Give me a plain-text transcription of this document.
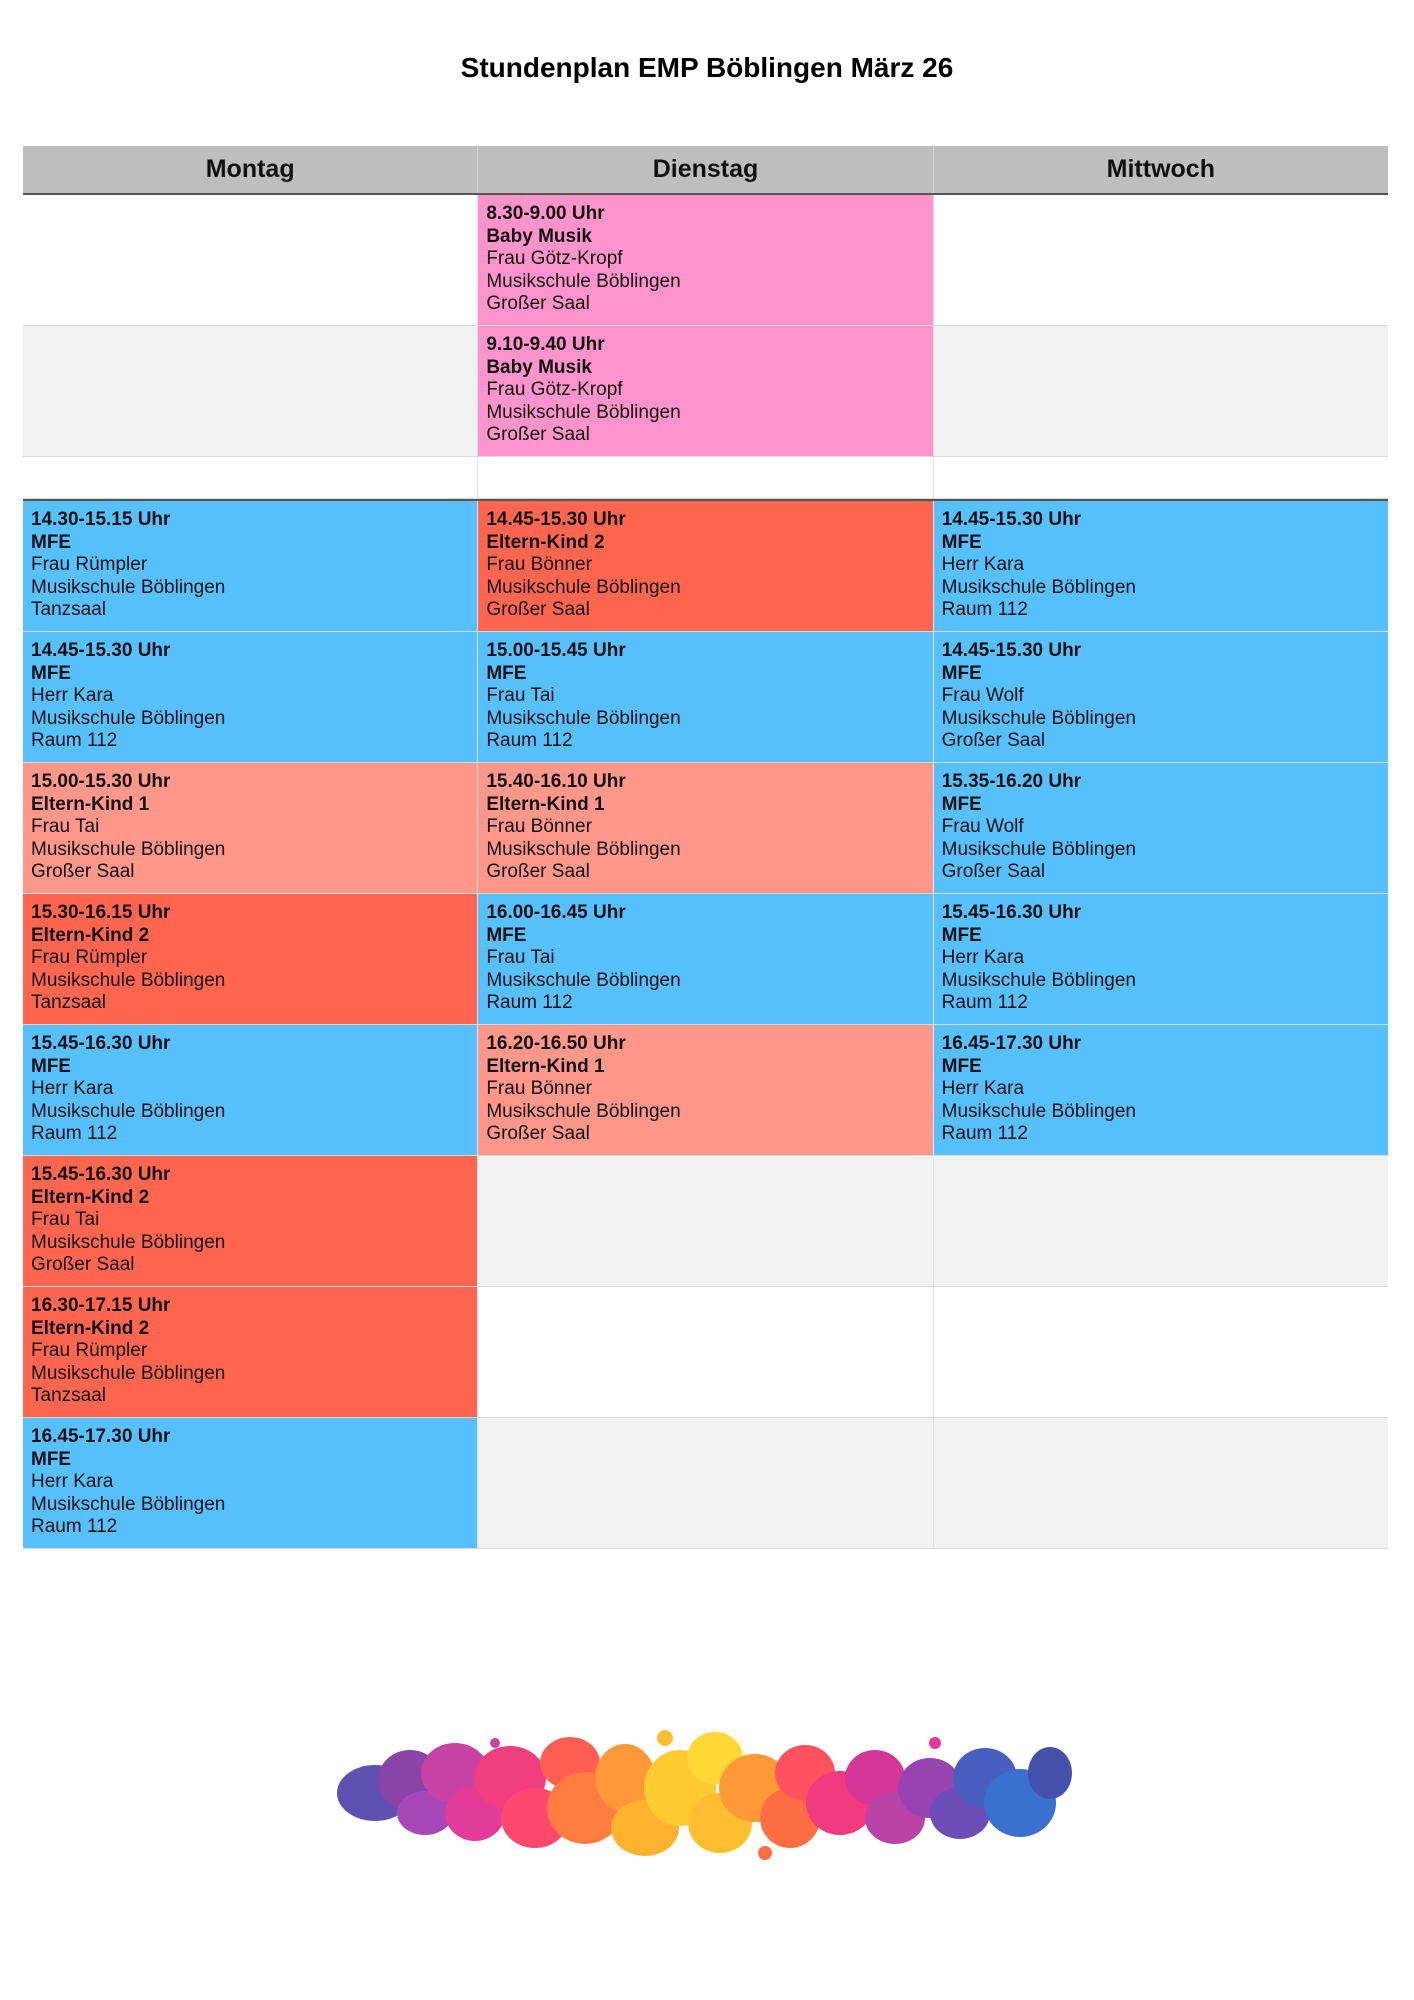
Stundenplan EMP Böblingen März 26
Montag	Dienstag	Mittwoch
8.30-9.00 Uhr
Baby Musik
Frau Götz-Kropf
Musikschule Böblingen
Großer Saal
9.10-9.40 Uhr
Baby Musik
Frau Götz-Kropf
Musikschule Böblingen
Großer Saal
14.30-15.15 Uhr
MFE
Frau Rümpler
Musikschule Böblingen
Tanzsaal
14.45-15.30 Uhr
Eltern-Kind 2
Frau Bönner
Musikschule Böblingen
Großer Saal
14.45-15.30 Uhr
MFE
Herr Kara
Musikschule Böblingen
Raum 112
14.45-15.30 Uhr
MFE
Herr Kara
Musikschule Böblingen
Raum 112
15.00-15.45 Uhr
MFE
Frau Tai
Musikschule Böblingen
Raum 112
14.45-15.30 Uhr
MFE
Frau Wolf
Musikschule Böblingen
Großer Saal
15.00-15.30 Uhr
Eltern-Kind 1
Frau Tai
Musikschule Böblingen
Großer Saal
15.40-16.10 Uhr
Eltern-Kind 1
Frau Bönner
Musikschule Böblingen
Großer Saal
15.35-16.20 Uhr
MFE
Frau Wolf
Musikschule Böblingen
Großer Saal
15.30-16.15 Uhr
Eltern-Kind 2
Frau Rümpler
Musikschule Böblingen
Tanzsaal
16.00-16.45 Uhr
MFE
Frau Tai
Musikschule Böblingen
Raum 112
15.45-16.30 Uhr
MFE
Herr Kara
Musikschule Böblingen
Raum 112
15.45-16.30 Uhr
MFE
Herr Kara
Musikschule Böblingen
Raum 112
16.20-16.50 Uhr
Eltern-Kind 1
Frau Bönner
Musikschule Böblingen
Großer Saal
16.45-17.30 Uhr
MFE
Herr Kara
Musikschule Böblingen
Raum 112
15.45-16.30 Uhr
Eltern-Kind 2
Frau Tai
Musikschule Böblingen
Großer Saal
16.30-17.15 Uhr
Eltern-Kind 2
Frau Rümpler
Musikschule Böblingen
Tanzsaal
16.45-17.30 Uhr
MFE
Herr Kara
Musikschule Böblingen
Raum 112
